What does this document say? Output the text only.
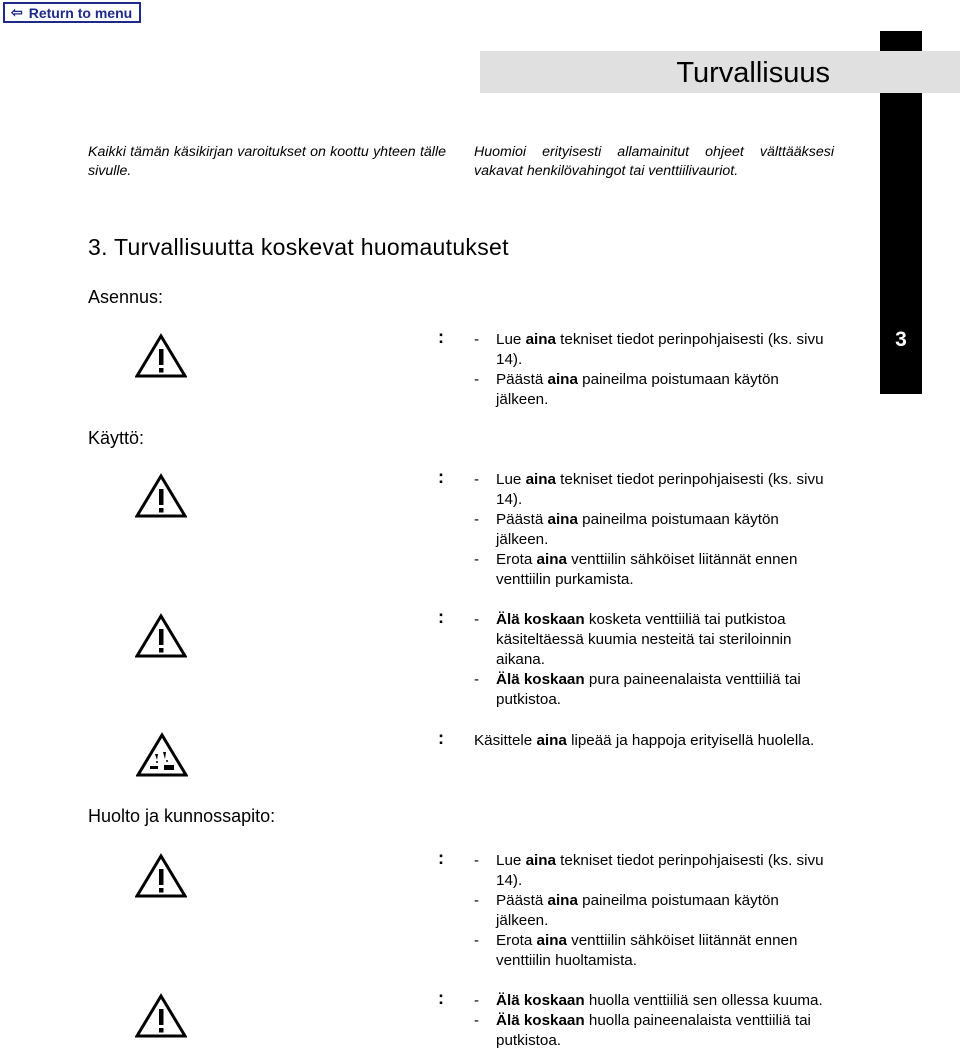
⇦ Return to menu
Turvallisuus
3
Kaikki tämän käsikirjan varoitukset on koottu yhteen tälle sivulle.
Huomioi erityisesti allamainitut ohjeet välttääksesi vakavat henkilövahingot tai venttiilivauriot.
3. Turvallisuutta koskevat huomautukset
Asennus:
: -	Lue aina tekniset tiedot perinpohjaisesti (ks. sivu 14).
-	Päästä aina paineilma poistumaan käytön jälkeen.
Käyttö:
: -	Lue aina tekniset tiedot perinpohjaisesti (ks. sivu 14).
-	Päästä aina paineilma poistumaan käytön jälkeen.
-	Erota aina venttiilin sähköiset liitännät ennen venttiilin purkamista.
: -	Älä koskaan kosketa venttiiliä tai putkistoa käsiteltäessä kuumia nesteitä tai steriloinnin aikana.
-	Älä koskaan pura paineenalaista venttiiliä tai putkistoa.
: Käsittele aina lipeää ja happoja erityisellä huolella.
Huolto ja kunnossapito:
: -	Lue aina tekniset tiedot perinpohjaisesti (ks. sivu 14).
-	Päästä aina paineilma poistumaan käytön jälkeen.
-	Erota aina venttiilin sähköiset liitännät ennen venttiilin huoltamista.
: -	Älä koskaan huolla venttiiliä sen ollessa kuuma.
-	Älä koskaan huolla paineenalaista venttiiliä tai putkistoa.
